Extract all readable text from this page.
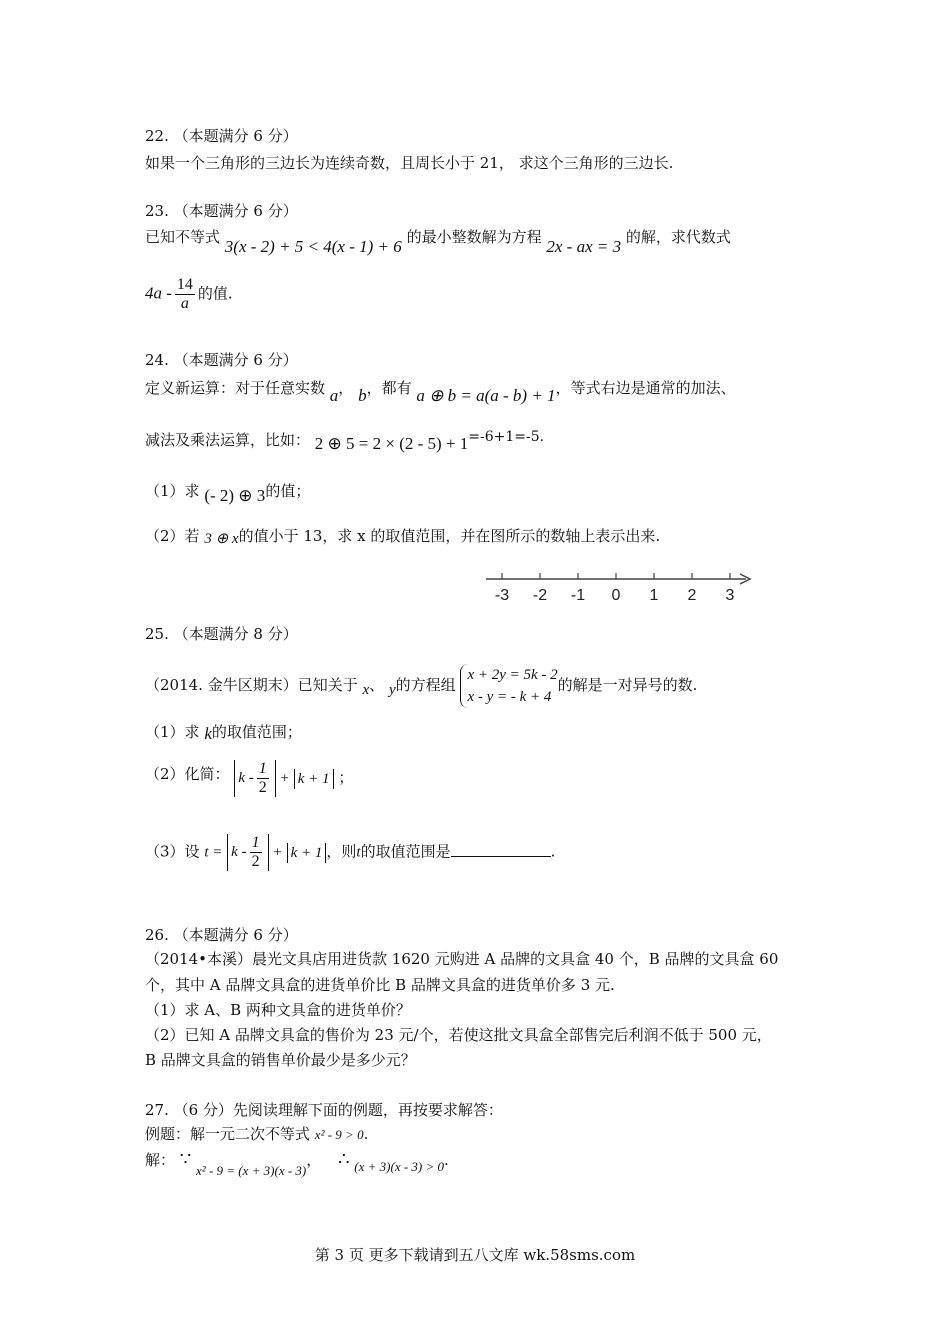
22. （本题满分 6 分）
如果一个三角形的三边长为连续奇数，且周长小于 21， 求这个三角形的三边长.
23. （本题满分 6 分）
已知不等式 3(x - 2) + 5 < 4(x - 1) + 6 的最小整数解为方程 2x - ax = 3 的解，求代数式
$4a - \frac{14}{a}$ 的值.
24. （本题满分 6 分）
定义新运算：对于任意实数 a， b，都有 a ⊕ b = a(a - b) + 1，等式右边是通常的加法、
减法及乘法运算，比如： 2 ⊕ 5 = 2 × (2 - 5) + 1=-6+1=-5.
（1）求 (- 2) ⊕ 3的值；
（2）若 3 ⊕ x的值小于 13，求 x 的取值范围，并在图所示的数轴上表示出来.
-3 -2 -1 0 1 2 3
25. （本题满分 8 分）
（2014. 金牛区期末）已知关于 x、 y的方程组
x + 2y = 5k - 2
x - y = - k + 4
的解是一对异号的数.
（1）求 k的取值范围；
（2）化简： $k - \frac{1}{2} + k + 1$ ；
（3）设 $t = k - \frac{1}{2} + k + 1$ ，则t的取值范围是	.
26. （本题满分 6 分）
（2014•本溪）晨光文具店用进货款 1620 元购进 A 品牌的文具盒 40 个，B 品牌的文具盒 60
个，其中 A 品牌文具盒的进货单价比 B 品牌文具盒的进货单价多 3 元.
（1）求 A、B 两种文具盒的进货单价？
（2）已知 A 品牌文具盒的售价为 23 元/个，若使这批文具盒全部售完后利润不低于 500 元，
B 品牌文具盒的销售单价最少是多少元？
27. （6 分）先阅读理解下面的例题，再按要求解答：
例题：解一元二次不等式 x² - 9 > 0.
解： ∵ x² - 9 = (x + 3)(x - 3)， ∴ (x + 3)(x - 3) > 0.
第 3 页 更多下载请到五八文库 wk.58sms.com
